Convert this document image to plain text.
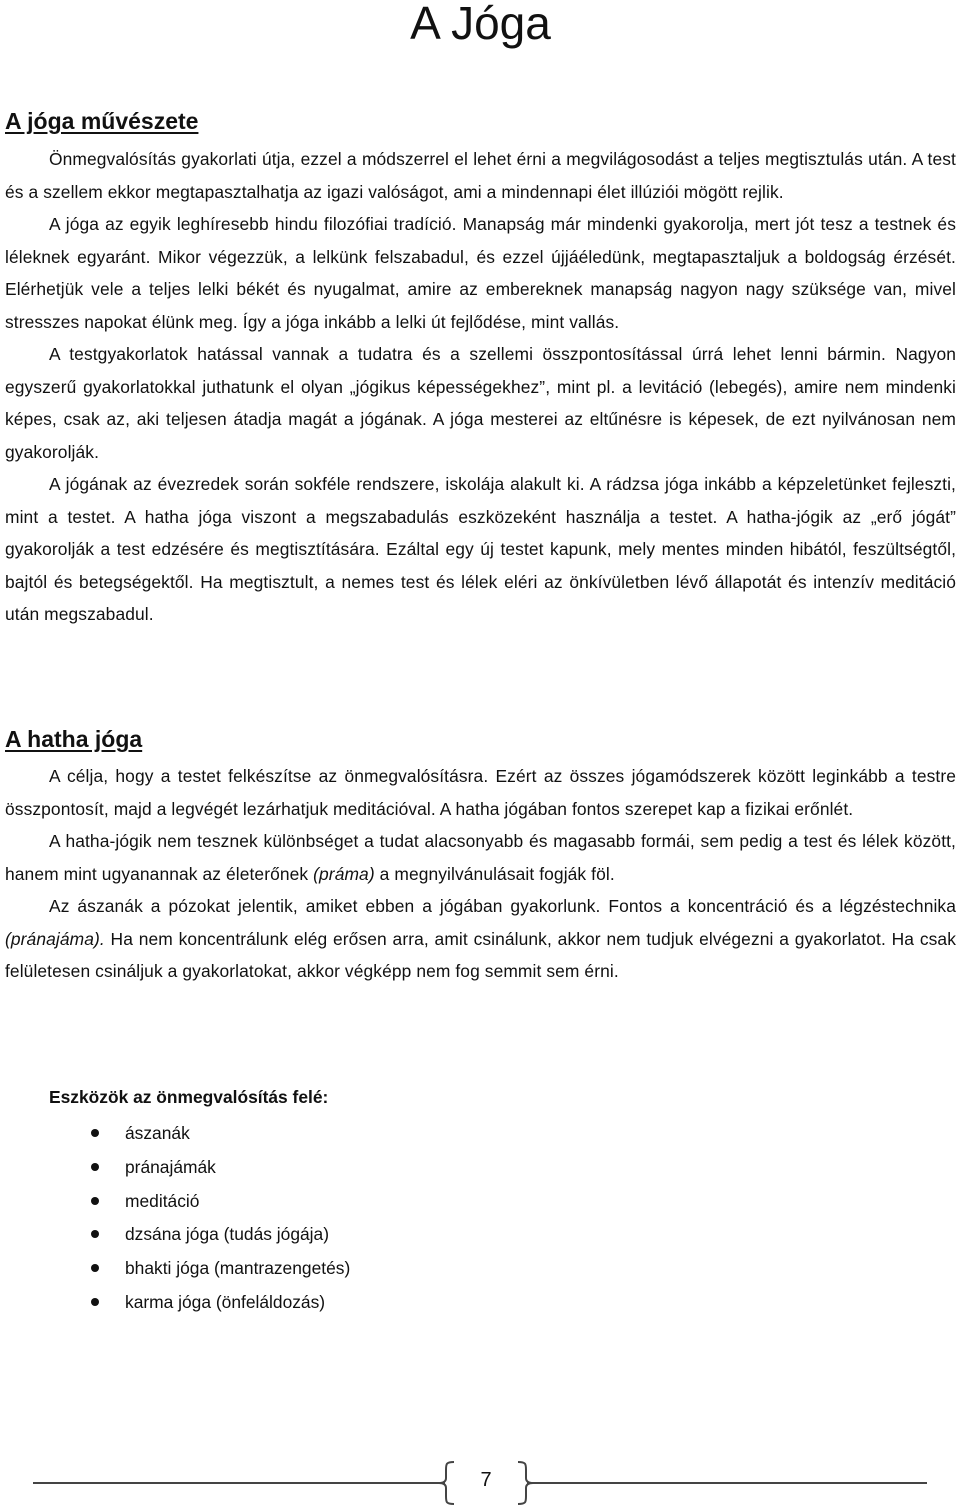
A Jóga
A jóga művészete

Önmegvalósítás gyakorlati útja, ezzel a módszerrel el lehet érni a megvilágosodást a teljes megtisztulás után. A test és a szellem ekkor megtapasztalhatja az igazi valóságot, ami a mindennapi élet illúziói mögött rejlik.

A jóga az egyik leghíresebb hindu filozófiai tradíció. Manapság már mindenki gyakorolja, mert jót tesz a testnek és léleknek egyaránt. Mikor végezzük, a lelkünk felszabadul, és ezzel újjáéledünk, megtapasztaljuk a boldogság érzését. Elérhetjük vele a teljes lelki békét és nyugalmat, amire az embereknek manapság nagyon nagy szüksége van, mivel stresszes napokat élünk meg. Így a jóga inkább a lelki út fejlődése, mint vallás.

A testgyakorlatok hatással vannak a tudatra és a szellemi összpontosítással úrrá lehet lenni bármin. Nagyon egyszerű gyakorlatokkal juthatunk el olyan „jógikus képességekhez”, mint pl. a levitáció (lebegés), amire nem mindenki képes, csak az, aki teljesen átadja magát a jógának. A jóga mesterei az eltűnésre is képesek, de ezt nyilvánosan nem gyakorolják.

A jógának az évezredek során sokféle rendszere, iskolája alakult ki. A rádzsa jóga inkább a képzeletünket fejleszti, mint a testet. A hatha jóga viszont a megszabadulás eszközeként használja a testet. A hatha-jógik az „erő jógát” gyakorolják a test edzésére és megtisztítására. Ezáltal egy új testet kapunk, mely mentes minden hibától, feszültségtől, bajtól és betegségektől. Ha megtisztult, a nemes test és lélek eléri az önkívületben lévő állapotát és intenzív meditáció után megszabadul.

A hatha jóga

A célja, hogy a testet felkészítse az önmegvalósításra. Ezért az összes jógamódszerek között leginkább a testre összpontosít, majd a legvégét lezárhatjuk meditációval. A hatha jógában fontos szerepet kap a fizikai erőnlét.

A hatha-jógik nem tesznek különbséget a tudat alacsonyabb és magasabb formái, sem pedig a test és lélek között, hanem mint ugyanannak az életerőnek (práma) a megnyilvánulásait fogják föl.

Az ászanák a pózokat jelentik, amiket ebben a jógában gyakorlunk. Fontos a koncentráció és a légzéstechnika (pránajáma). Ha nem koncentrálunk elég erősen arra, amit csinálunk, akkor nem tudjuk elvégezni a gyakorlatot. Ha csak felületesen csináljuk a gyakorlatokat, akkor végképp nem fog semmit sem érni.

Eszközök az önmegvalósítás felé:

ászanák
pránajámák
meditáció
dzsána jóga (tudás jógája)
bhakti jóga (mantrazengetés)
karma jóga (önfeláldozás)
7
